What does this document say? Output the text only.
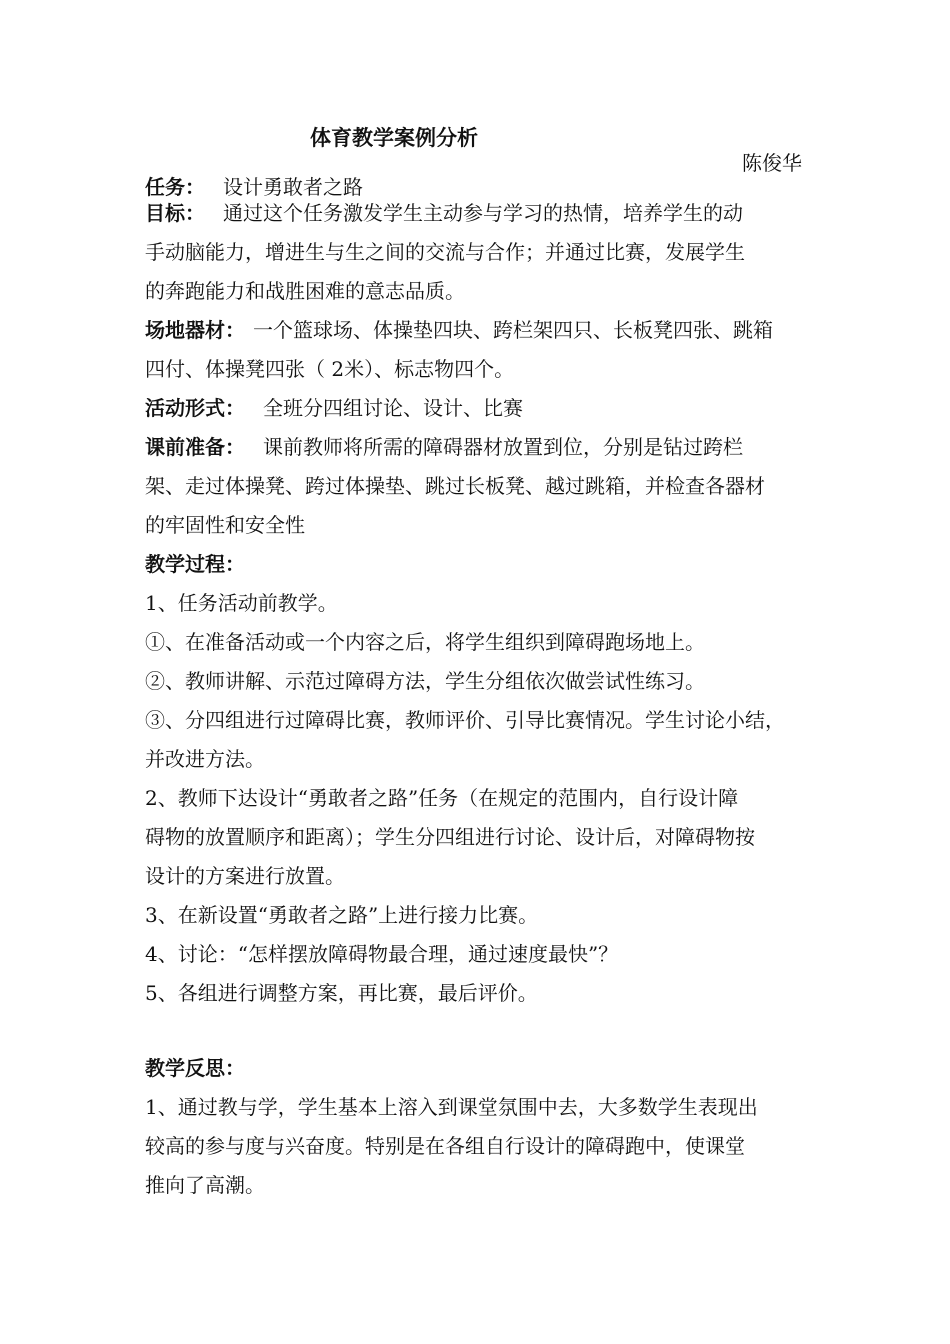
体育教学案例分析
陈俊华
任务： 设计勇敢者之路
目标： 通过这个任务激发学生主动参与学习的热情，培养学生的动
手动脑能力，增进生与生之间的交流与合作；并通过比赛，发展学生
的奔跑能力和战胜困难的意志品质。
场地器材： 一个篮球场、体操垫四块、跨栏架四只、长板凳四张、跳箱
四付、体操凳四张（ 2米）、标志物四个。
活动形式： 全班分四组讨论、设计、比赛
课前准备： 课前教师将所需的障碍器材放置到位，分别是钻过跨栏
架、走过体操凳、跨过体操垫、跳过长板凳、越过跳箱，并检查各器材
的牢固性和安全性
教学过程：
1、任务活动前教学。
①、在准备活动或一个内容之后，将学生组织到障碍跑场地上。
②、教师讲解、示范过障碍方法，学生分组依次做尝试性练习。
③、分四组进行过障碍比赛，教师评价、引导比赛情况。学生讨论小结，
并改进方法。
2、教师下达设计“勇敢者之路”任务（在规定的范围内，自行设计障
碍物的放置顺序和距离）；学生分四组进行讨论、设计后，对障碍物按
设计的方案进行放置。
3、在新设置“勇敢者之路”上进行接力比赛。
4、讨论：“怎样摆放障碍物最合理，通过速度最快”？
5、各组进行调整方案，再比赛，最后评价。
教学反思：
1、通过教与学，学生基本上溶入到课堂氛围中去，大多数学生表现出
较高的参与度与兴奋度。特别是在各组自行设计的障碍跑中，使课堂
推向了高潮。
